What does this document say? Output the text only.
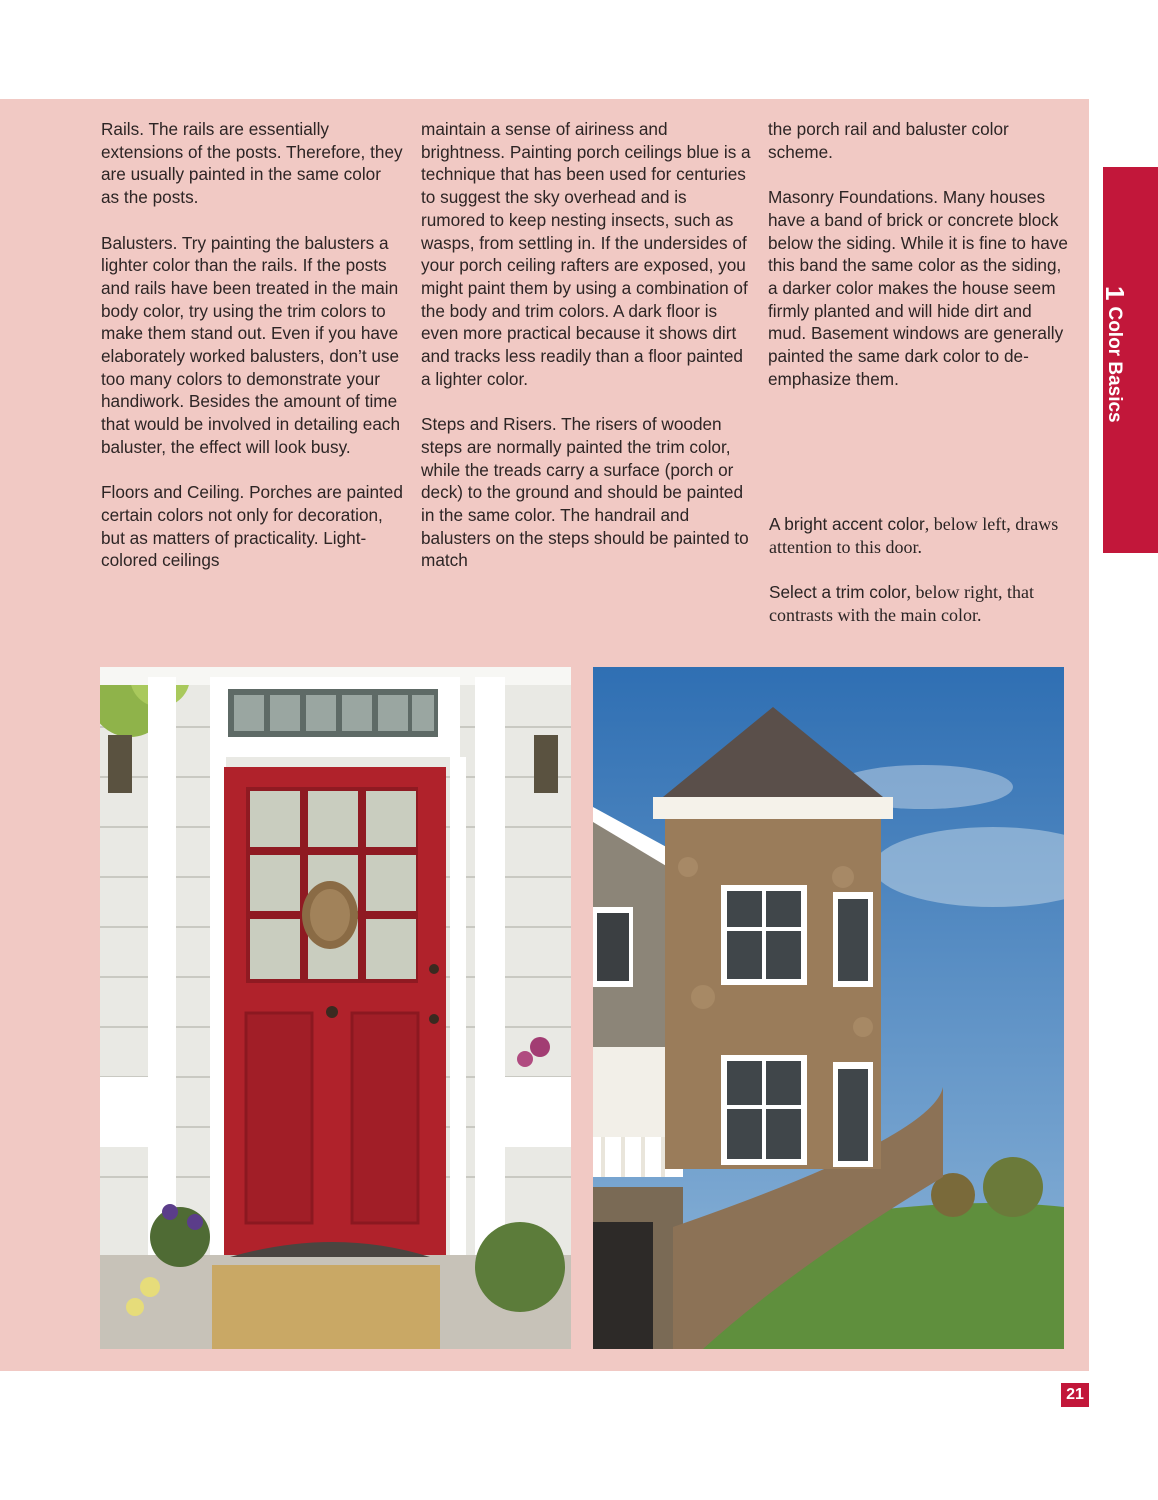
Rails. The rails are essentially extensions of the posts. Therefore, they are usually painted in the same color as the posts.

Balusters. Try painting the balusters a lighter color than the rails. If the posts and rails have been treated in the main body color, try using the trim colors to make them stand out. Even if you have elaborately worked balusters, don’t use too many colors to demonstrate your handiwork. Besides the amount of time that would be involved in detailing each baluster, the effect will look busy.

Floors and Ceiling. Porches are painted certain colors not only for decoration, but as matters of practicality. Light-colored ceilings

maintain a sense of airiness and brightness. Painting porch ceilings blue is a technique that has been used for centuries to suggest the sky overhead and is rumored to keep nesting insects, such as wasps, from settling in. If the undersides of your porch ceiling rafters are exposed, you might paint them by using a combination of the body and trim colors. A dark floor is even more practical because it shows dirt and tracks less readily than a floor painted a lighter color.

Steps and Risers. The risers of wooden steps are normally painted the trim color, while the treads carry a surface (porch or deck) to the ground and should be painted in the same color. The handrail and balusters on the steps should be painted to match

the porch rail and baluster color scheme.

Masonry Foundations. Many houses have a band of brick or concrete block below the siding. While it is fine to have this band the same color as the siding, a darker color makes the house seem firmly planted and will hide dirt and mud. Basement windows are generally painted the same dark color to de-emphasize them.

A bright accent color, below left, draws attention to this door.

Select a trim color, below right, that contrasts with the main color.

1Color Basics
21
